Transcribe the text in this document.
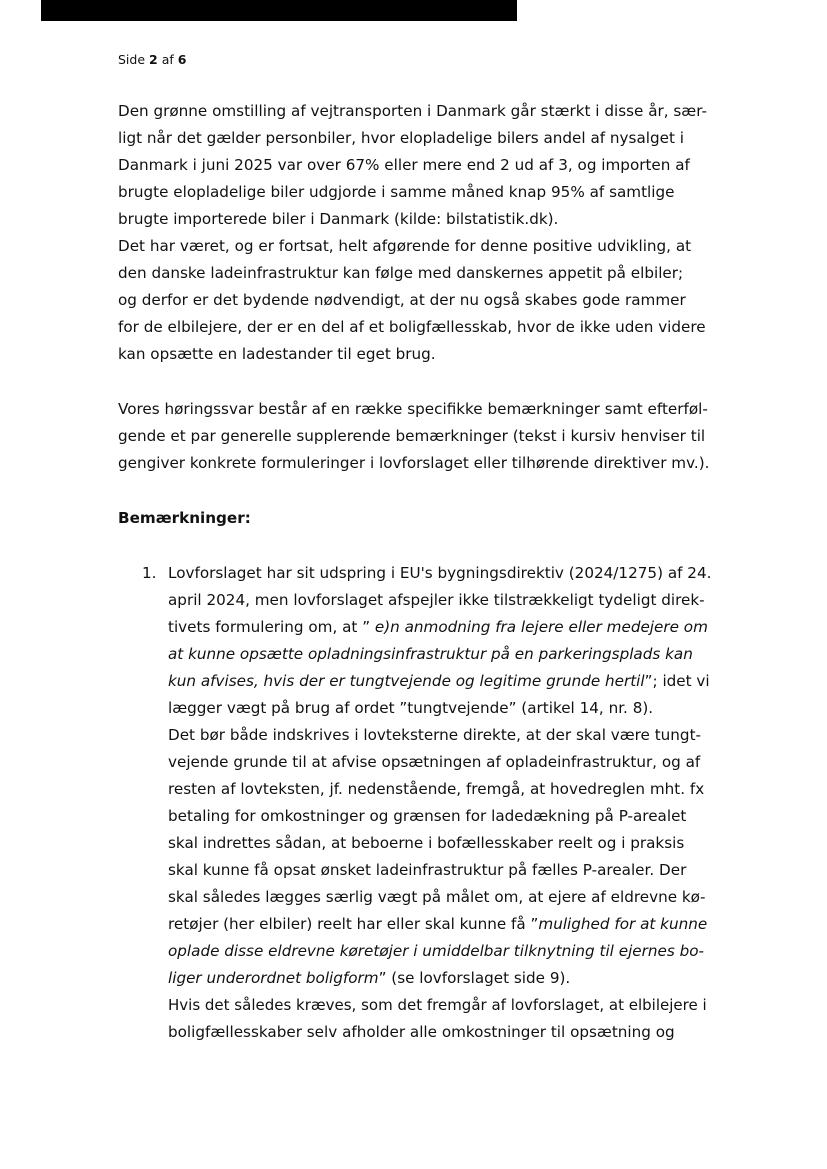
Side 2 af 6
Den grønne omstilling af vejtransporten i Danmark går stærkt i disse år, sær-
ligt når det gælder personbiler, hvor elopladelige bilers andel af nysalget i
Danmark i juni 2025 var over 67% eller mere end 2 ud af 3, og importen af
brugte elopladelige biler udgjorde i samme måned knap 95% af samtlige
brugte importerede biler i Danmark (kilde: bilstatistik.dk).
Det har været, og er fortsat, helt afgørende for denne positive udvikling, at
den danske ladeinfrastruktur kan følge med danskernes appetit på elbiler;
og derfor er det bydende nødvendigt, at der nu også skabes gode rammer
for de elbilejere, der er en del af et boligfællesskab, hvor de ikke uden videre
kan opsætte en ladestander til eget brug.
Vores høringssvar består af en række specifikke bemærkninger samt efterføl-
gende et par generelle supplerende bemærkninger (tekst i kursiv henviser til
gengiver konkrete formuleringer i lovforslaget eller tilhørende direktiver mv.).
Bemærkninger:
1. Lovforslaget har sit udspring i EU's bygningsdirektiv (2024/1275) af 24.
april 2024, men lovforslaget afspejler ikke tilstrækkeligt tydeligt direk-
tivets formulering om, at ” e)n anmodning fra lejere eller medejere om
at kunne opsætte opladningsinfrastruktur på en parkeringsplads kan
kun afvises, hvis der er tungtvejende og legitime grunde hertil”; idet vi
lægger vægt på brug af ordet ”tungtvejende” (artikel 14, nr. 8).
Det bør både indskrives i lovteksterne direkte, at der skal være tungt-
vejende grunde til at afvise opsætningen af opladeinfrastruktur, og af
resten af lovteksten, jf. nedenstående, fremgå, at hovedreglen mht. fx
betaling for omkostninger og grænsen for ladedækning på P-arealet
skal indrettes sådan, at beboerne i bofællesskaber reelt og i praksis
skal kunne få opsat ønsket ladeinfrastruktur på fælles P-arealer. Der
skal således lægges særlig vægt på målet om, at ejere af eldrevne kø-
retøjer (her elbiler) reelt har eller skal kunne få ”mulighed for at kunne
oplade disse eldrevne køretøjer i umiddelbar tilknytning til ejernes bo-
liger underordnet boligform” (se lovforslaget side 9).
Hvis det således kræves, som det fremgår af lovforslaget, at elbilejere i
boligfællesskaber selv afholder alle omkostninger til opsætning og
